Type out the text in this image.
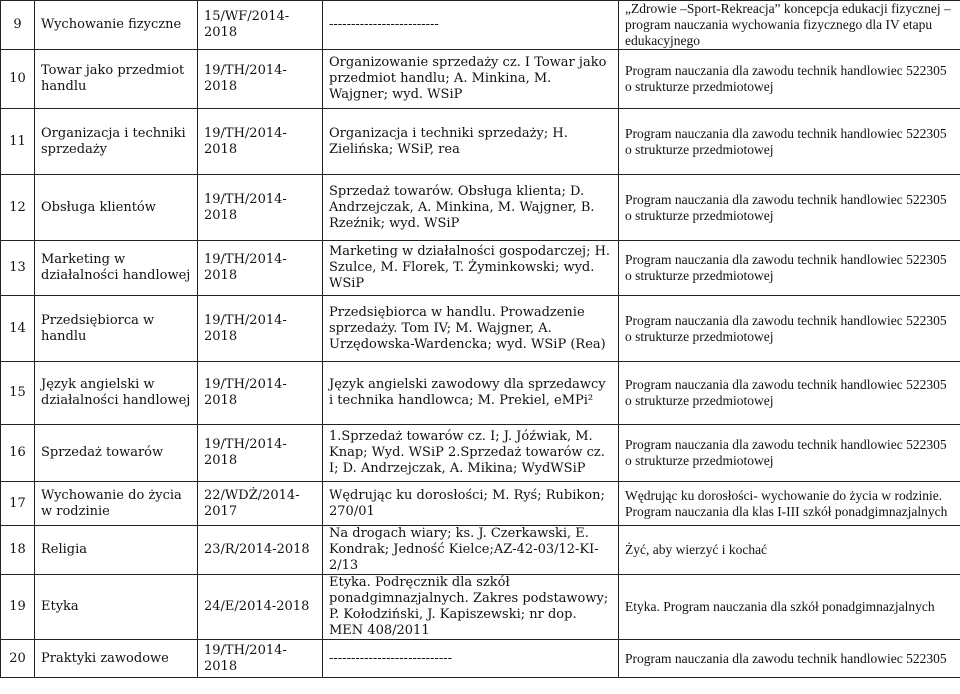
9	Wychowanie fizyczne	15/WF/2014-2018	-------------------------	„Zdrowie –Sport-Rekreacja” koncepcja edukacji fizycznej –program nauczania wychowania fizycznego dla IV etapu edukacyjnego

10	Towar jako przedmiot handlu	19/TH/2014-2018	Organizowanie sprzedaży cz. I Towar jako przedmiot handlu; A. Minkina, M. Wajgner; wyd. WSiP	Program nauczania dla zawodu technik handlowiec 522305
o strukturze przedmiotowej

11	Organizacja i techniki sprzedaży	19/TH/2014-2018	Organizacja i techniki sprzedaży; H. Zielińska; WSiP, rea	Program nauczania dla zawodu technik handlowiec 522305
o strukturze przedmiotowej

12	Obsługa klientów	19/TH/2014-2018	Sprzedaż towarów. Obsługa klienta; D. Andrzejczak, A. Minkina, M. Wajgner, B. Rzeźnik; wyd. WSiP	Program nauczania dla zawodu technik handlowiec 522305
o strukturze przedmiotowej

13	Marketing w działalności handlowej	19/TH/2014-2018	Marketing w działalności gospodarczej; H. Szulce, M. Florek, T. Żyminkowski; wyd. WSiP	Program nauczania dla zawodu technik handlowiec 522305
o strukturze przedmiotowej

14	Przedsiębiorca w handlu	19/TH/2014-2018	Przedsiębiorca w handlu. Prowadzenie sprzedaży. Tom IV; M. Wajgner, A. Urzędowska-Wardencka; wyd. WSiP (Rea)	Program nauczania dla zawodu technik handlowiec 522305
o strukturze przedmiotowej

15	Język angielski w działalności handlowej	19/TH/2014-2018	Język angielski zawodowy dla sprzedawcy i technika handlowca; M. Prekiel, eMPi²	Program nauczania dla zawodu technik handlowiec 522305
o strukturze przedmiotowej

16	Sprzedaż towarów	19/TH/2014-2018	1.Sprzedaż towarów cz. I; J. Jóźwiak, M. Knap; Wyd. WSiP 2.Sprzedaż towarów cz. I; D. Andrzejczak, A. Mikina; WydWSiP	Program nauczania dla zawodu technik handlowiec 522305
o strukturze przedmiotowej

17	Wychowanie do życia w rodzinie	22/WDŻ/2014-2017	Wędrując ku dorosłości; M. Ryś; Rubikon; 270/01	Wędrując ku dorosłości- wychowanie do życia w rodzinie.
Program nauczania dla klas I-III szkół ponadgimnazjalnych

18	Religia	23/R/2014-2018	Na drogach wiary; ks. J. Czerkawski, E. Kondrak; Jedność Kielce;AZ-42-03/12-KI-2/13	Żyć, aby wierzyć i kochać

19	Etyka	24/E/2014-2018	Etyka. Podręcznik dla szkół ponadgimnazjalnych. Zakres podstawowy; P. Kołodziński, J. Kapiszewski; nr dop. MEN 408/2011	Etyka. Program nauczania dla szkół ponadgimnazjalnych

20	Praktyki zawodowe	19/TH/2014-2018	----------------------------	Program nauczania dla zawodu technik handlowiec 522305
